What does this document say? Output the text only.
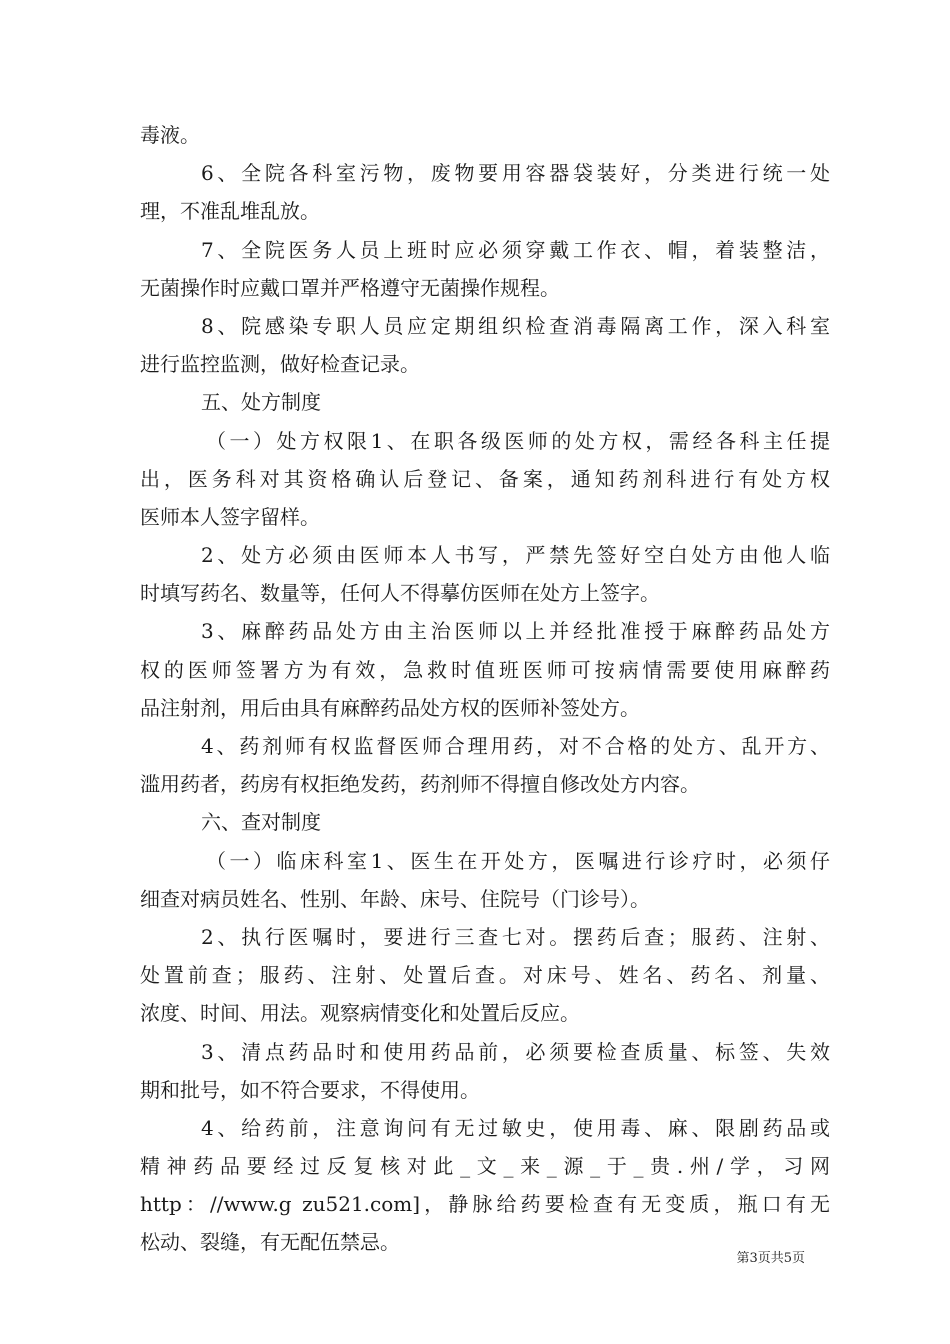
毒液。
6、全院各科室污物，废物要用容器袋装好，分类进行统一处
理，不准乱堆乱放。
7、全院医务人员上班时应必须穿戴工作衣、帽，着装整洁，
无菌操作时应戴口罩并严格遵守无菌操作规程。
8、院感染专职人员应定期组织检查消毒隔离工作，深入科室
进行监控监测，做好检查记录。
五、处方制度
（一）处方权限1、在职各级医师的处方权，需经各科主任提
出，医务科对其资格确认后登记、备案，通知药剂科进行有处方权
医师本人签字留样。
2、处方必须由医师本人书写，严禁先签好空白处方由他人临
时填写药名、数量等，任何人不得摹仿医师在处方上签字。
3、麻醉药品处方由主治医师以上并经批准授于麻醉药品处方
权的医师签署方为有效，急救时值班医师可按病情需要使用麻醉药
品注射剂，用后由具有麻醉药品处方权的医师补签处方。
4、药剂师有权监督医师合理用药，对不合格的处方、乱开方、
滥用药者，药房有权拒绝发药，药剂师不得擅自修改处方内容。
六、查对制度
（一）临床科室1、医生在开处方，医嘱进行诊疗时，必须仔
细查对病员姓名、性别、年龄、床号、住院号（门诊号）。
2、执行医嘱时，要进行三查七对。摆药后查；服药、注射、
处置前查；服药、注射、处置后查。对床号、姓名、药名、剂量、
浓度、时间、用法。观察病情变化和处置后反应。
3、清点药品时和使用药品前，必须要检查质量、标签、失效
期和批号，如不符合要求，不得使用。
4、给药前，注意询问有无过敏史，使用毒、麻、限剧药品或
精神药品要经过反复核对此_文_来_源_于_贵.州/学，习网
http：//www.g zu521.com]，静脉给药要检查有无变质，瓶口有无
松动、裂缝，有无配伍禁忌。
第3页共5页
